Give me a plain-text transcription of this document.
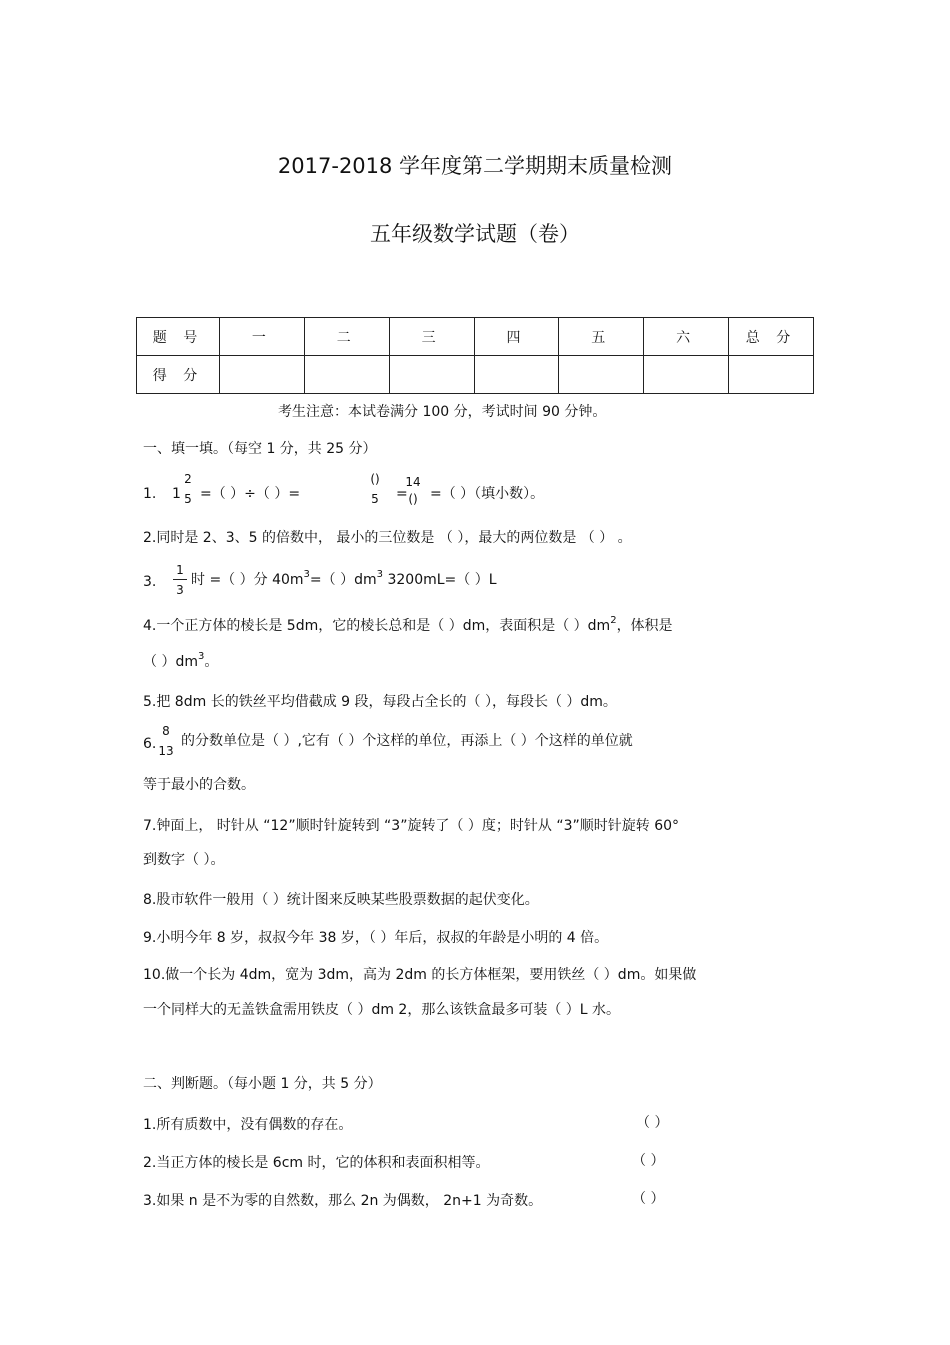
2017-2018 学年度第二学期期末质量检测
五年级数学试题（卷）
题 号	一	二	三	四	五	六	总 分
得 分							
考生注意：本试卷满分 100 分，考试时间 90 分钟。
一、填一填。（每空 1 分，共 25 分）
1. 1
2
5 =（ ）÷（ ）=
()
5 =
14
() =（ ）（填小数）。
2.同时是 2、3、5 的倍数中， 最小的三位数是 （ ），最大的两位数是 （ ） 。
3. $\frac{1}{3}$ 时 =（ ）分 $40m^3=$（ ）$dm^3$ 3200mL=（ ）L
4.一个正方体的棱长是 5dm，它的棱长总和是（ ）dm，表面积是（ ）$dm^2$，体积是
（ ）$dm^3$。
5.把 8dm 长的铁丝平均借截成 9 段，每段占全长的（ ），每段长（ ）dm。
6.
8
13
的分数单位是（ ）,它有（ ）个这样的单位，再添上（ ）个这样的单位就
等于最小的合数。
7.钟面上， 时针从 “12”顺时针旋转到 “3”旋转了（ ）度；时针从 “3”顺时针旋转 60°
到数字（ ）。
8.股市软件一般用（ ）统计图来反映某些股票数据的起伏变化。
9.小明今年 8 岁，叔叔今年 38 岁，（ ）年后，叔叔的年龄是小明的 4 倍。
10.做一个长为 4dm，宽为 3dm，高为 2dm 的长方体框架，要用铁丝（ ）dm。如果做
一个同样大的无盖铁盒需用铁皮（ ）dm 2，那么该铁盒最多可装（ ）L 水。
二、判断题。（每小题 1 分，共 5 分）
1.所有质数中，没有偶数的存在。	（ ）
2.当正方体的棱长是 6cm 时，它的体积和表面积相等。	（ ）
3.如果 n 是不为零的自然数，那么 2n 为偶数， 2n+1 为奇数。	（ ）
